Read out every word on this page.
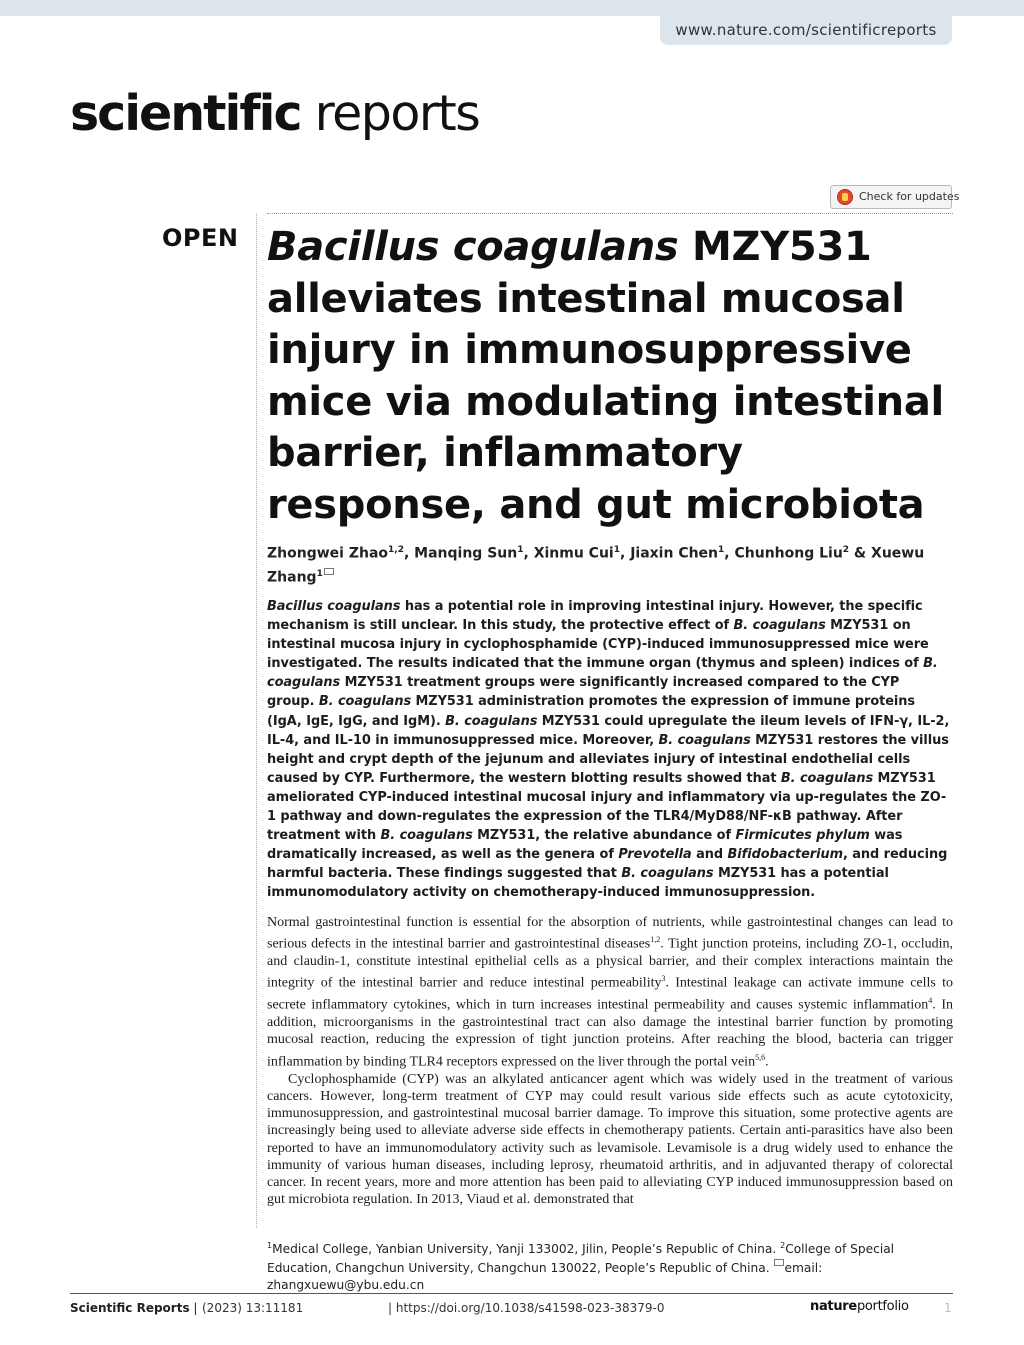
www.nature.com/scientificreports
scientific reports
Check for updates
OPEN Bacillus coagulans MZY531 alleviates intestinal mucosal injury in immunosuppressive mice via modulating intestinal barrier, inflammatory response, and gut microbiota
Zhongwei Zhao$^{1,2}$, Manqing Sun$^1$, Xinmu Cui$^1$, Jiaxin Chen$^1$, Chunhong Liu$^2$ & Xuewu Zhang$^1$

Bacillus coagulans has a potential role in improving intestinal injury. However, the specific mechanism is still unclear. In this study, the protective effect of B. coagulans MZY531 on intestinal mucosa injury in cyclophosphamide (CYP)-induced immunosuppressed mice were investigated. The results indicated that the immune organ (thymus and spleen) indices of B. coagulans MZY531 treatment groups were significantly increased compared to the CYP group. B. coagulans MZY531 administration promotes the expression of immune proteins (IgA, IgE, IgG, and IgM). B. coagulans MZY531 could upregulate the ileum levels of IFN-γ, IL-2, IL-4, and IL-10 in immunosuppressed mice. Moreover, B. coagulans MZY531 restores the villus height and crypt depth of the jejunum and alleviates injury of intestinal endothelial cells caused by CYP. Furthermore, the western blotting results showed that B. coagulans MZY531 ameliorated CYP-induced intestinal mucosal injury and inflammatory via up-regulates the ZO-1 pathway and down-regulates the expression of the TLR4/MyD88/NF-κB pathway. After treatment with B. coagulans MZY531, the relative abundance of Firmicutes phylum was dramatically increased, as well as the genera of Prevotella and Bifidobacterium, and reducing harmful bacteria. These findings suggested that B. coagulans MZY531 has a potential immunomodulatory activity on chemotherapy-induced immunosuppression.

Normal gastrointestinal function is essential for the absorption of nutrients, while gastrointestinal changes can lead to serious defects in the intestinal barrier and gastrointestinal diseases$^{1,2}$. Tight junction proteins, including ZO-1, occludin, and claudin-1, constitute intestinal epithelial cells as a physical barrier, and their complex interactions maintain the integrity of the intestinal barrier and reduce intestinal permeability$^3$. Intestinal leakage can activate immune cells to secrete inflammatory cytokines, which in turn increases intestinal permeability and causes systemic inflammation$^4$. In addition, microorganisms in the gastrointestinal tract can also damage the intestinal barrier function by promoting mucosal reaction, reducing the expression of tight junction proteins. After reaching the blood, bacteria can trigger inflammation by binding TLR4 receptors expressed on the liver through the portal vein$^{5,6}$.

Cyclophosphamide (CYP) was an alkylated anticancer agent which was widely used in the treatment of various cancers. However, long-term treatment of CYP may could result various side effects such as acute cytotoxicity, immunosuppression, and gastrointestinal mucosal barrier damage. To improve this situation, some protective agents are increasingly being used to alleviate adverse side effects in chemotherapy patients. Certain anti-parasitics have also been reported to have an immunomodulatory activity such as levamisole. Levamisole is a drug widely used to enhance the immunity of various human diseases, including leprosy, rheumatoid arthritis, and in adjuvanted therapy of colorectal cancer. In recent years, more and more attention has been paid to alleviating CYP induced immunosuppression based on gut microbiota regulation. In 2013, Viaud et al. demonstrated that

$^1$Medical College, Yanbian University, Yanji 133002, Jilin, People’s Republic of China. $^2$College of Special Education, Changchun University, Changchun 130022, People’s Republic of China. email: zhangxuewu@ybu.edu.cn
Scientific Reports | (2023) 13:11181	| https://doi.org/10.1038/s41598-023-38379-0	natureportfolio	1
